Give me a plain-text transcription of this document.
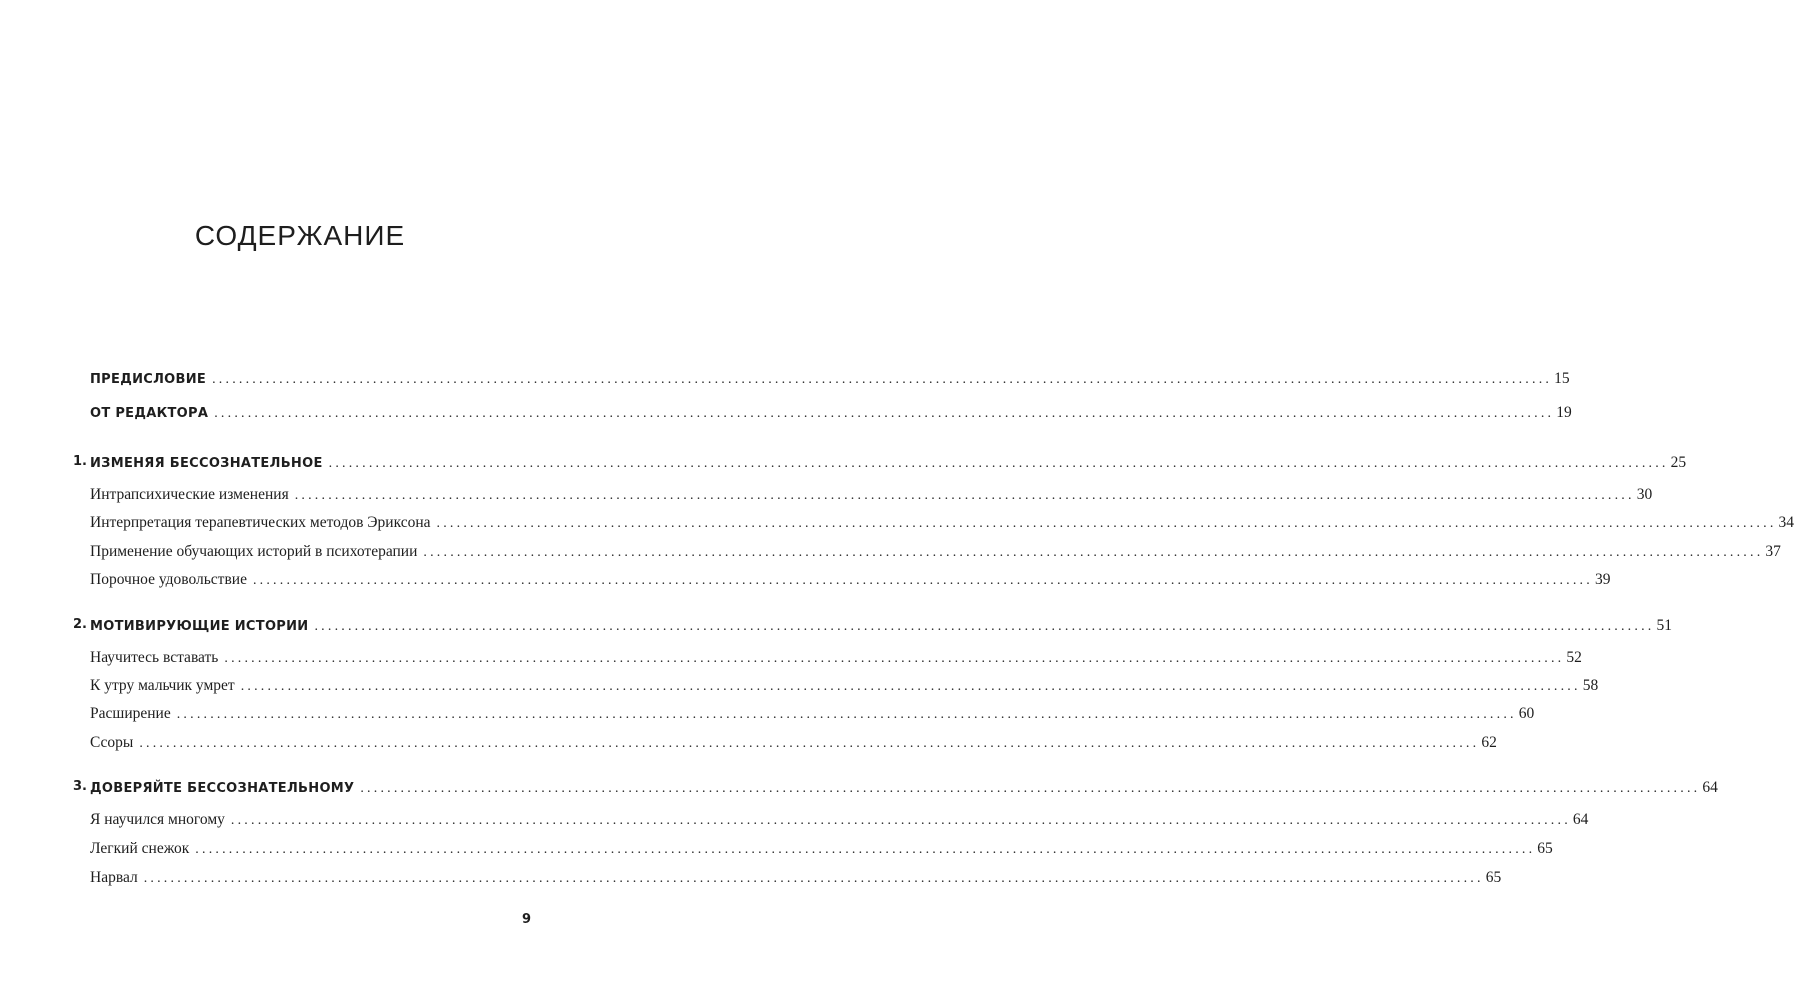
СОДЕРЖАНИЕ
ПРЕДИСЛОВИЕ ........................................................................................................................................................................................................ 15
ОТ РЕДАКТОРА ........................................................................................................................................................................................................ 19
1. ИЗМЕНЯЯ БЕССОЗНАТЕЛЬНОЕ ........................................................................................................................................................................................................ 25
Интрапсихические изменения ........................................................................................................................................................................................................ 30
Интерпретация терапевтических методов Эриксона ........................................................................................................................................................................................................ 34
Применение обучающих историй в психотерапии ........................................................................................................................................................................................................ 37
Порочное удовольствие ........................................................................................................................................................................................................ 39
2. МОТИВИРУЮЩИЕ ИСТОРИИ ........................................................................................................................................................................................................ 51
Научитесь вставать ........................................................................................................................................................................................................ 52
К утру мальчик умрет ........................................................................................................................................................................................................ 58
Расширение ........................................................................................................................................................................................................ 60
Ссоры ........................................................................................................................................................................................................ 62
3. ДОВЕРЯЙТЕ БЕССОЗНАТЕЛЬНОМУ ........................................................................................................................................................................................................ 64
Я научился многому ........................................................................................................................................................................................................ 64
Легкий снежок ........................................................................................................................................................................................................ 65
Нарвал ........................................................................................................................................................................................................ 65
9
